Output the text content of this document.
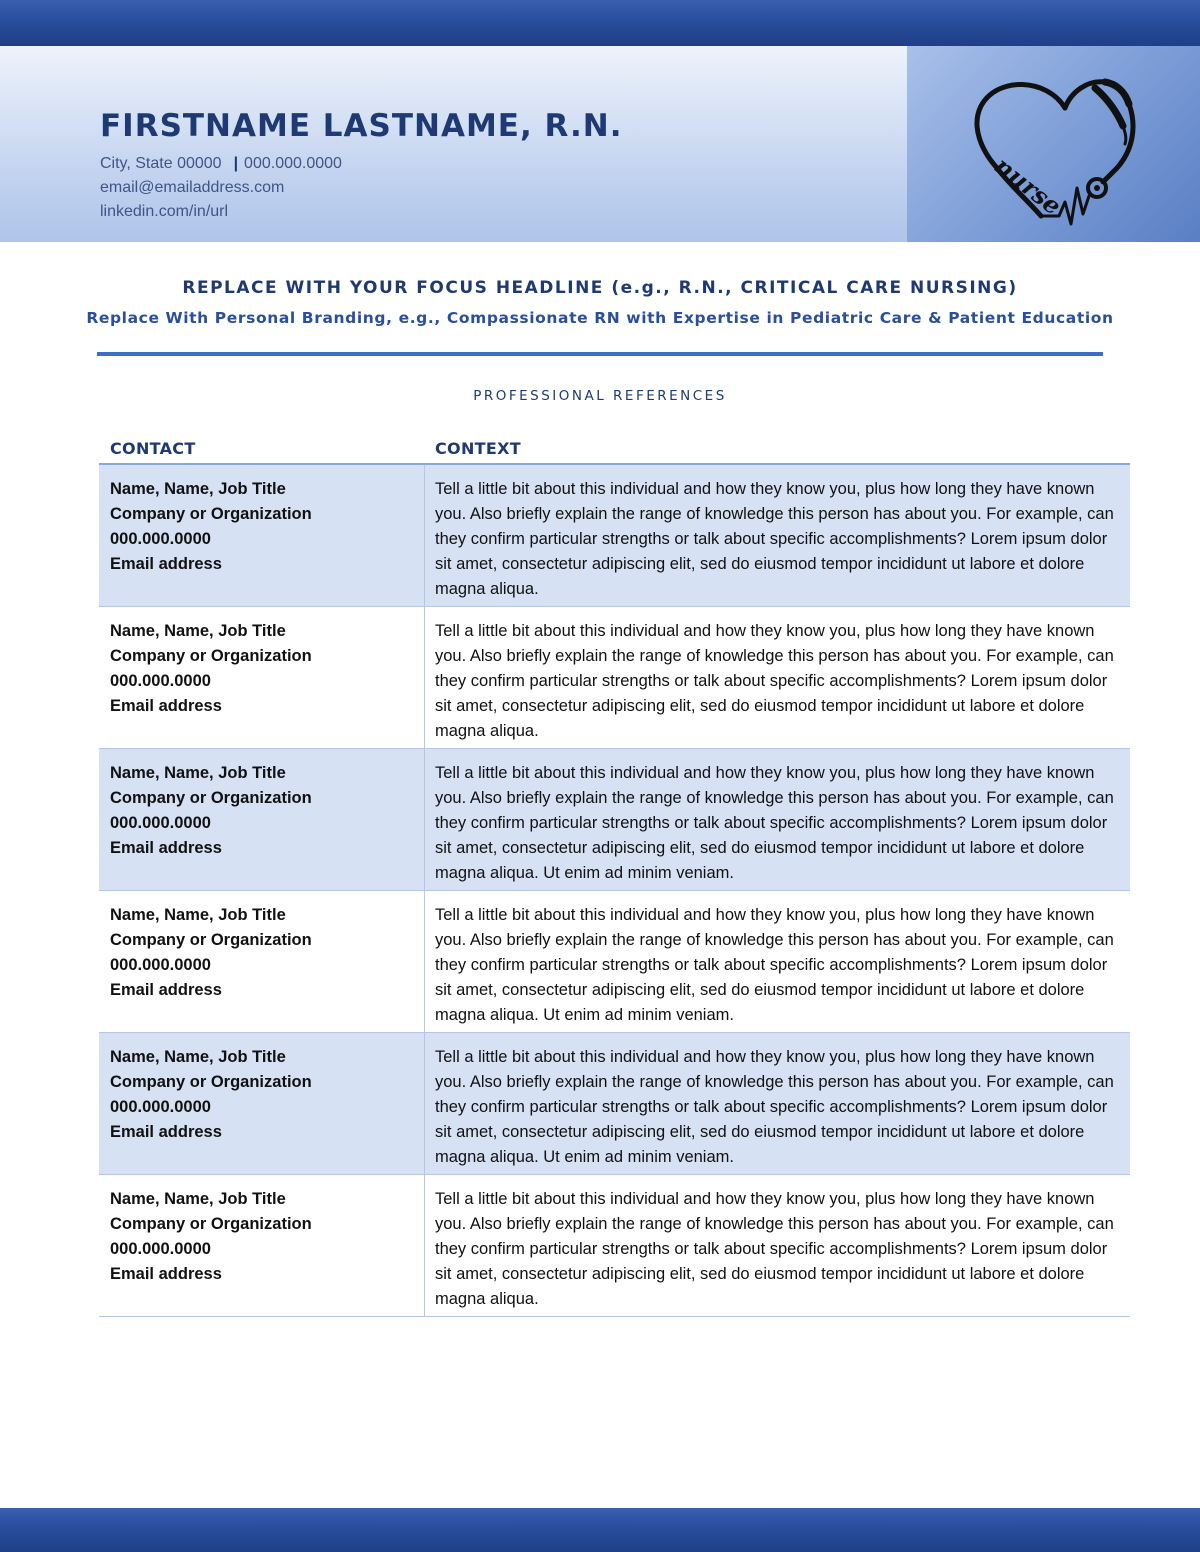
FIRSTNAME LASTNAME, R.N.
City, State 00000 | 000.000.0000
email@emailaddress.com
linkedin.com/in/url	nurse
REPLACE WITH YOUR FOCUS HEADLINE (e.g., R.N., CRITICAL CARE NURSING)
Replace With Personal Branding, e.g., Compassionate RN with Expertise in Pediatric Care & Patient Education
PROFESSIONAL REFERENCES
CONTACT	CONTEXT
Name, Name, Job Title
Company or Organization
000.000.0000
Email address
Tell a little bit about this individual and how they know you, plus how long they have known you. Also briefly explain the range of knowledge this person has about you. For example, can they confirm particular strengths or talk about specific accomplishments? Lorem ipsum dolor sit amet, consectetur adipiscing elit, sed do eiusmod tempor incididunt ut labore et dolore magna aliqua.
Name, Name, Job Title
Company or Organization
000.000.0000
Email address
Tell a little bit about this individual and how they know you, plus how long they have known you. Also briefly explain the range of knowledge this person has about you. For example, can they confirm particular strengths or talk about specific accomplishments? Lorem ipsum dolor sit amet, consectetur adipiscing elit, sed do eiusmod tempor incididunt ut labore et dolore magna aliqua.
Name, Name, Job Title
Company or Organization
000.000.0000
Email address
Tell a little bit about this individual and how they know you, plus how long they have known you. Also briefly explain the range of knowledge this person has about you. For example, can they confirm particular strengths or talk about specific accomplishments? Lorem ipsum dolor sit amet, consectetur adipiscing elit, sed do eiusmod tempor incididunt ut labore et dolore magna aliqua. Ut enim ad minim veniam.
Name, Name, Job Title
Company or Organization
000.000.0000
Email address
Tell a little bit about this individual and how they know you, plus how long they have known you. Also briefly explain the range of knowledge this person has about you. For example, can they confirm particular strengths or talk about specific accomplishments? Lorem ipsum dolor sit amet, consectetur adipiscing elit, sed do eiusmod tempor incididunt ut labore et dolore magna aliqua. Ut enim ad minim veniam.
Name, Name, Job Title
Company or Organization
000.000.0000
Email address
Tell a little bit about this individual and how they know you, plus how long they have known you. Also briefly explain the range of knowledge this person has about you. For example, can they confirm particular strengths or talk about specific accomplishments? Lorem ipsum dolor sit amet, consectetur adipiscing elit, sed do eiusmod tempor incididunt ut labore et dolore magna aliqua. Ut enim ad minim veniam.
Name, Name, Job Title
Company or Organization
000.000.0000
Email address
Tell a little bit about this individual and how they know you, plus how long they have known you. Also briefly explain the range of knowledge this person has about you. For example, can they confirm particular strengths or talk about specific accomplishments? Lorem ipsum dolor sit amet, consectetur adipiscing elit, sed do eiusmod tempor incididunt ut labore et dolore magna aliqua.
